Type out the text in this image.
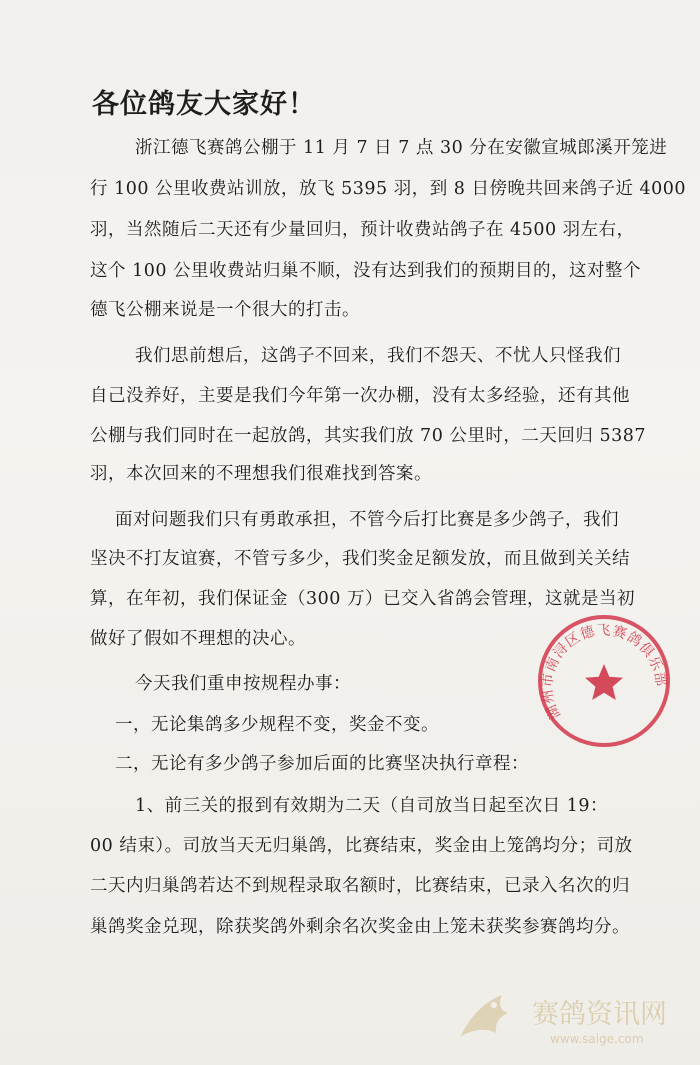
各位鸽友大家好！
浙江德飞赛鸽公棚于 11 月 7 日 7 点 30 分在安徽宣城郎溪开笼进
行 100 公里收费站训放，放飞 5395 羽，到 8 日傍晚共回来鸽子近 4000
羽，当然随后二天还有少量回归，预计收费站鸽子在 4500 羽左右，
这个 100 公里收费站归巢不顺，没有达到我们的预期目的，这对整个
德飞公棚来说是一个很大的打击。
我们思前想后，这鸽子不回来，我们不怨天、不忧人只怪我们
自己没养好，主要是我们今年第一次办棚，没有太多经验，还有其他
公棚与我们同时在一起放鸽，其实我们放 70 公里时，二天回归 5387
羽，本次回来的不理想我们很难找到答案。
面对问题我们只有勇敢承担，不管今后打比赛是多少鸽子，我们
坚决不打友谊赛，不管亏多少，我们奖金足额发放，而且做到关关结
算，在年初，我们保证金（300 万）已交入省鸽会管理，这就是当初
做好了假如不理想的决心。
今天我们重申按规程办事：
一，无论集鸽多少规程不变，奖金不变。
二，无论有多少鸽子参加后面的比赛坚决执行章程：
1、前三关的报到有效期为二天（自司放当日起至次日 19：
00 结束）。司放当天无归巢鸽，比赛结束，奖金由上笼鸽均分；司放
二天内归巢鸽若达不到规程录取名额时，比赛结束，已录入名次的归
巢鸽奖金兑现，除获奖鸽外剩余名次奖金由上笼未获奖参赛鸽均分。
湖州市南浔区德飞赛鸽俱乐部
赛鸽资讯网
www.saige.com
